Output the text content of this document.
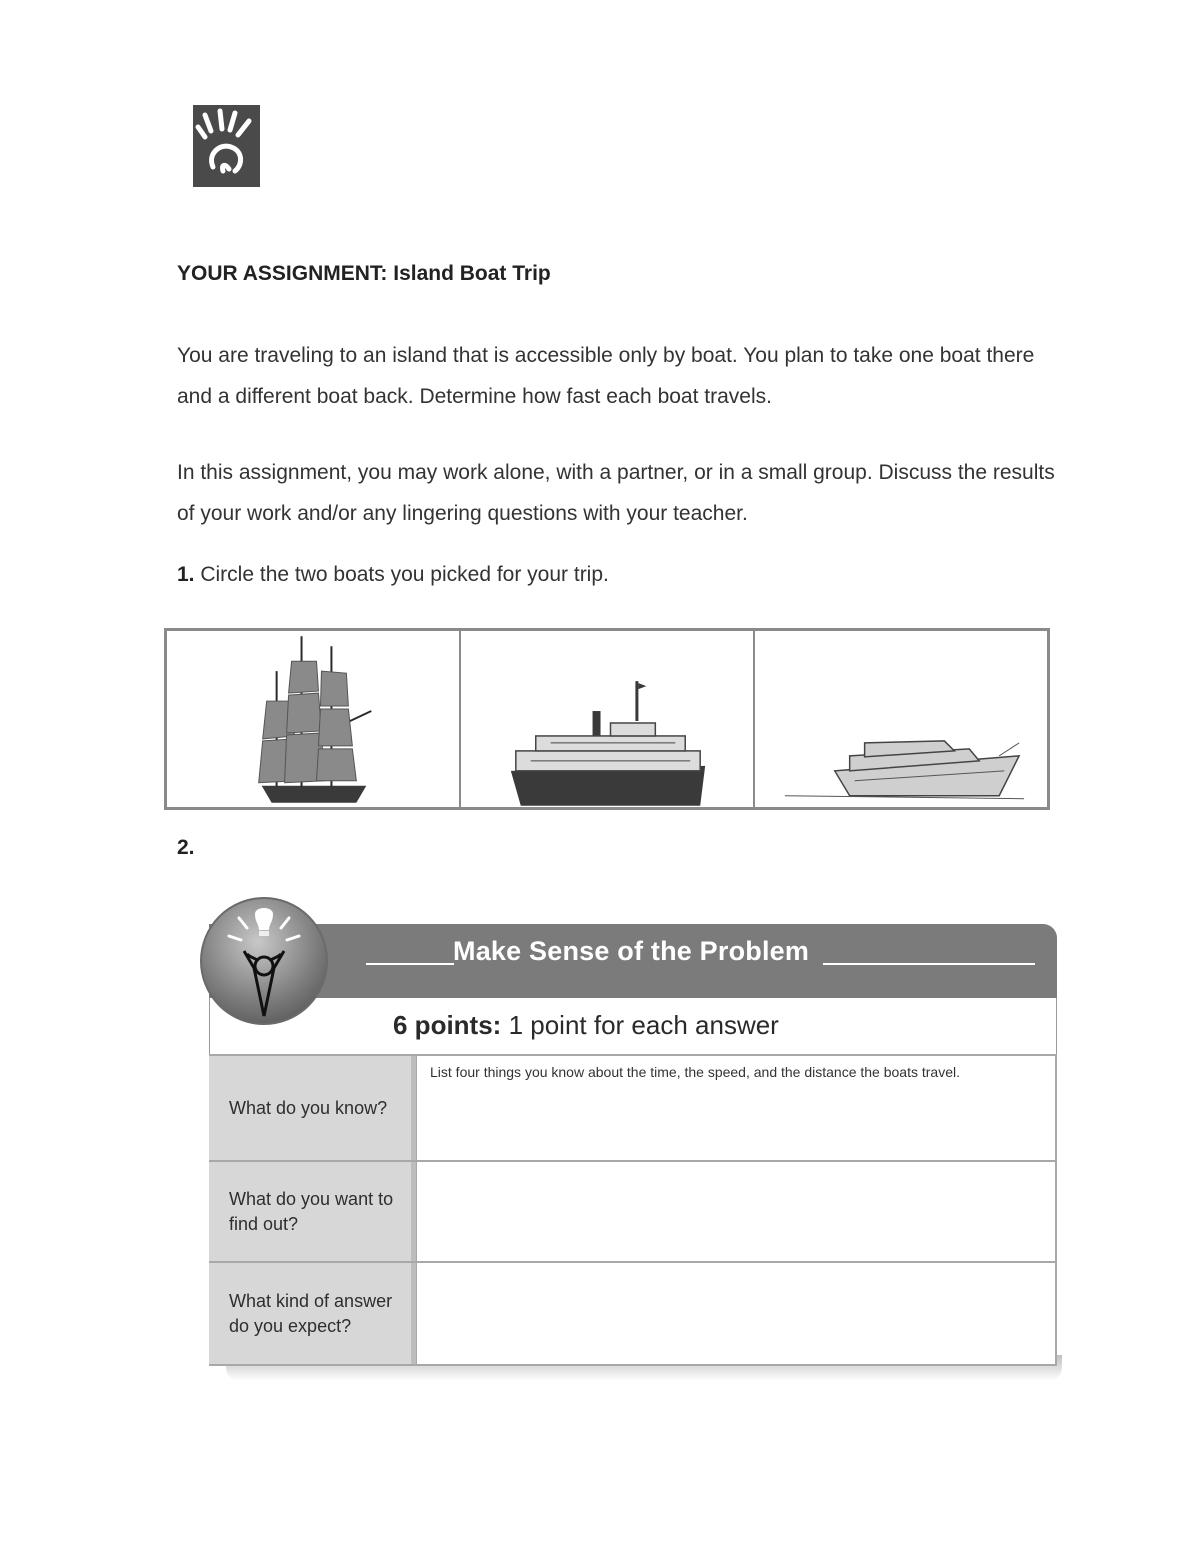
YOUR ASSIGNMENT: Island Boat Trip
You are traveling to an island that is accessible only by boat. You plan to take one boat there and a different boat back. Determine how fast each boat travels.
In this assignment, you may work alone, with a partner, or in a small group. Discuss the results of your work and/or any lingering questions with your teacher.
1. Circle the two boats you picked for your trip.
2.
Make Sense of the Problem
6 points: 1 point for each answer
What do you know?
List four things you know about the time, the speed, and the distance the boats travel.
What do you want to find out?
What kind of answer do you expect?
